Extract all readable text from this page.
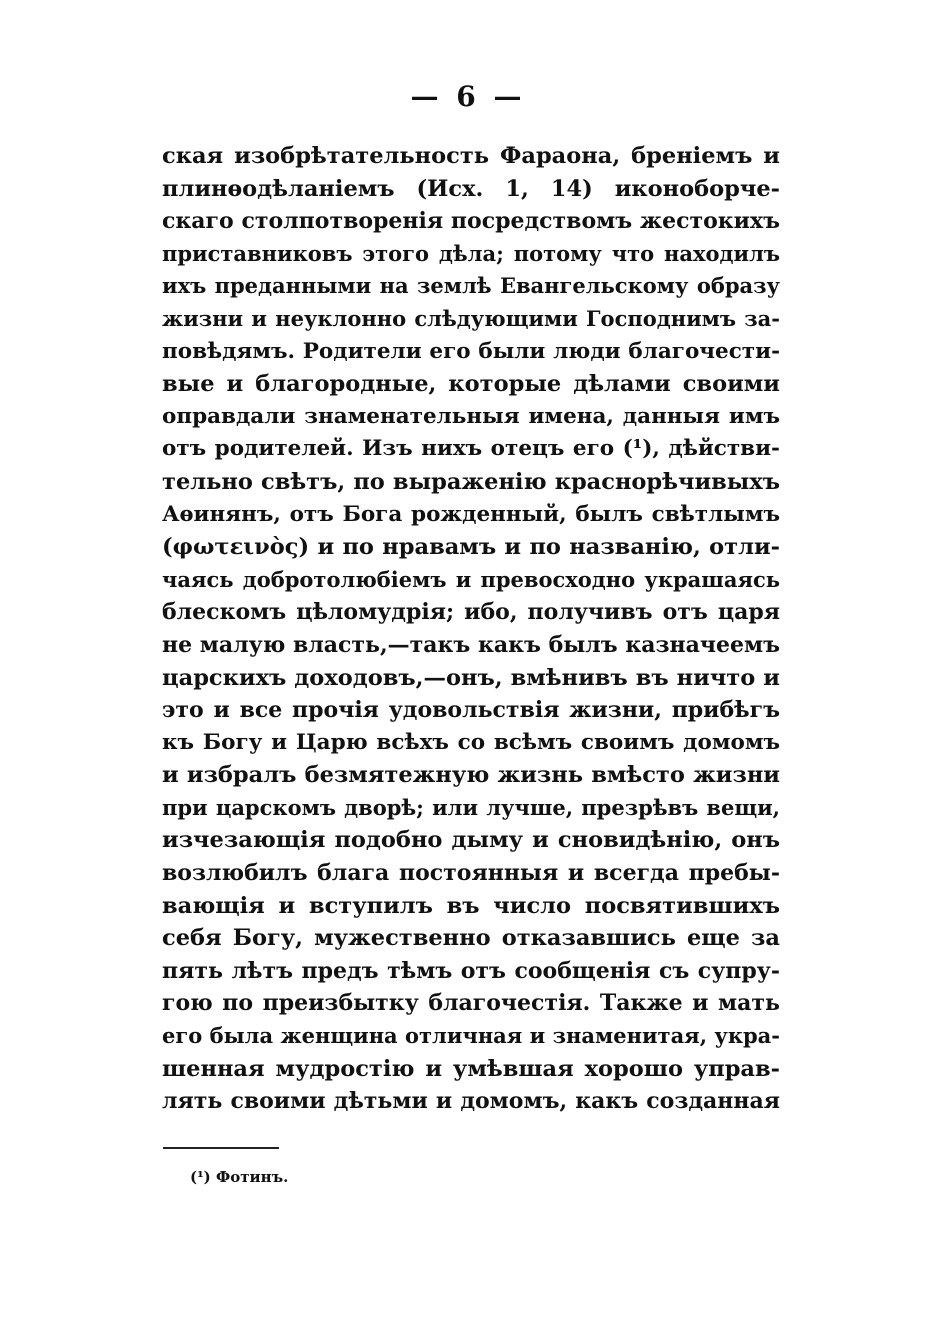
— 6 —
ская изобрѣтательность Фараона, бреніемъ и
плинѳодѣланіемъ (Исх. 1, 14) иконоборче-
скаго столпотворенія посредствомъ жестокихъ
приставниковъ этого дѣла; потому что находилъ
ихъ преданными на землѣ Евангельскому образу
жизни и неуклонно слѣдующими Господнимъ за-
повѣдямъ. Родители его были люди благочести-
вые и благородные, которые дѣлами своими
оправдали знаменательныя имена, данныя имъ
отъ родителей. Изъ нихъ отецъ его (¹), дѣйстви-
тельно свѣтъ, по выраженію краснорѣчивыхъ
Аѳинянъ, отъ Бога рожденный, былъ свѣтлымъ
(φωτεινὸς) и по нравамъ и по названію, отли-
чаясь добротолюбіемъ и превосходно украшаясь
блескомъ цѣломудрія; ибо, получивъ отъ царя
не малую власть,—такъ какъ былъ казначеемъ
царскихъ доходовъ,—онъ, вмѣнивъ въ ничто и
это и все прочія удовольствія жизни, прибѣгъ
къ Богу и Царю всѣхъ со всѣмъ своимъ домомъ
и избралъ безмятежную жизнь вмѣсто жизни
при царскомъ дворѣ; или лучше, презрѣвъ вещи,
изчезающія подобно дыму и сновидѣнію, онъ
возлюбилъ блага постоянныя и всегда пребы-
вающія и вступилъ въ число посвятившихъ
себя Богу, мужественно отказавшись еще за
пять лѣтъ предъ тѣмъ отъ сообщенія съ супру-
гою по преизбытку благочестія. Также и мать
его была женщина отличная и знаменитая, укра-
шенная мудростію и умѣвшая хорошо управ-
лять своими дѣтьми и домомъ, какъ созданная
(¹) Фотинъ.
